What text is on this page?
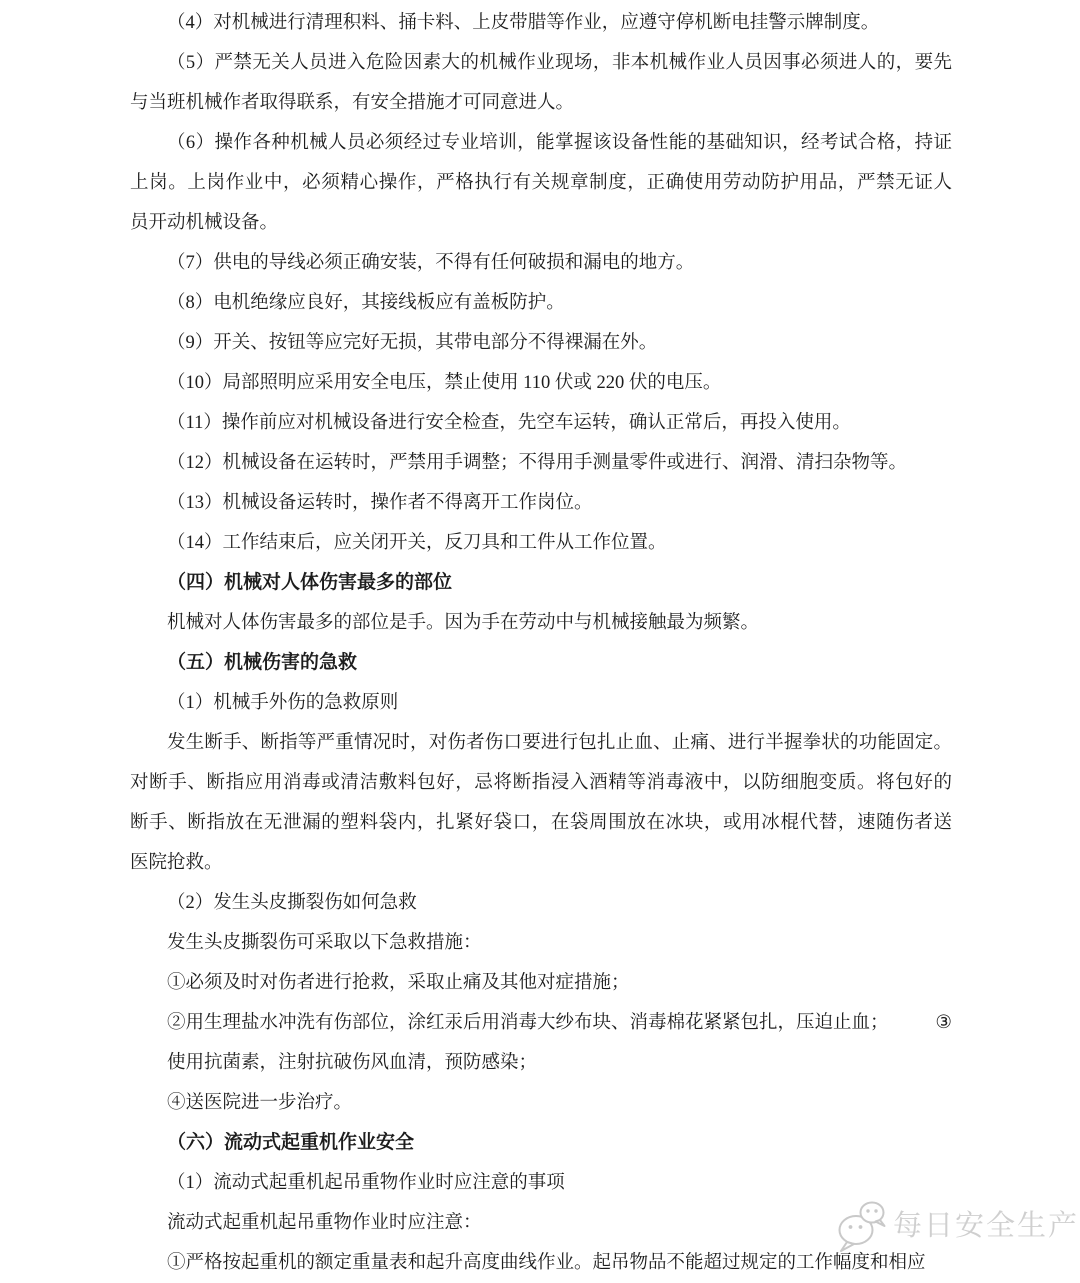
（4）对机械进行清理积料、捅卡料、上皮带腊等作业，应遵守停机断电挂警示牌制度。
（5）严禁无关人员进入危险因素大的机械作业现场，非本机械作业人员因事必须进人的，要先
与当班机械作者取得联系，有安全措施才可同意进人。
（6）操作各种机械人员必须经过专业培训，能掌握该设备性能的基础知识，经考试合格，持证
上岗。上岗作业中，必须精心操作，严格执行有关规章制度，正确使用劳动防护用品，严禁无证人
员开动机械设备。
（7）供电的导线必须正确安装，不得有任何破损和漏电的地方。
（8）电机绝缘应良好，其接线板应有盖板防护。
（9）开关、按钮等应完好无损，其带电部分不得裸漏在外。
（10）局部照明应采用安全电压，禁止使用 110 伏或 220 伏的电压。
（11）操作前应对机械设备进行安全检查，先空车运转，确认正常后，再投入使用。
（12）机械设备在运转时，严禁用手调整；不得用手测量零件或进行、润滑、清扫杂物等。
（13）机械设备运转时，操作者不得离开工作岗位。
（14）工作结束后，应关闭开关，反刀具和工件从工作位置。
（四）机械对人体伤害最多的部位
机械对人体伤害最多的部位是手。因为手在劳动中与机械接触最为频繁。
（五）机械伤害的急救
（1）机械手外伤的急救原则
发生断手、断指等严重情况时，对伤者伤口要进行包扎止血、止痛、进行半握拳状的功能固定。
对断手、断指应用消毒或清洁敷料包好，忌将断指浸入酒精等消毒液中，以防细胞变质。将包好的
断手、断指放在无泄漏的塑料袋内，扎紧好袋口，在袋周围放在冰块，或用冰棍代替，速随伤者送
医院抢救。
（2）发生头皮撕裂伤如何急救
发生头皮撕裂伤可采取以下急救措施：
①必须及时对伤者进行抢救，采取止痛及其他对症措施；
②用生理盐水冲洗有伤部位，涂红汞后用消毒大纱布块、消毒棉花紧紧包扎，压迫止血；	③
使用抗菌素，注射抗破伤风血清，预防感染；
④送医院进一步治疗。
（六）流动式起重机作业安全
（1）流动式起重机起吊重物作业时应注意的事项
流动式起重机起吊重物作业时应注意：
①严格按起重机的额定重量表和起升高度曲线作业。起吊物品不能超过规定的工作幅度和相应
每日安全生产
